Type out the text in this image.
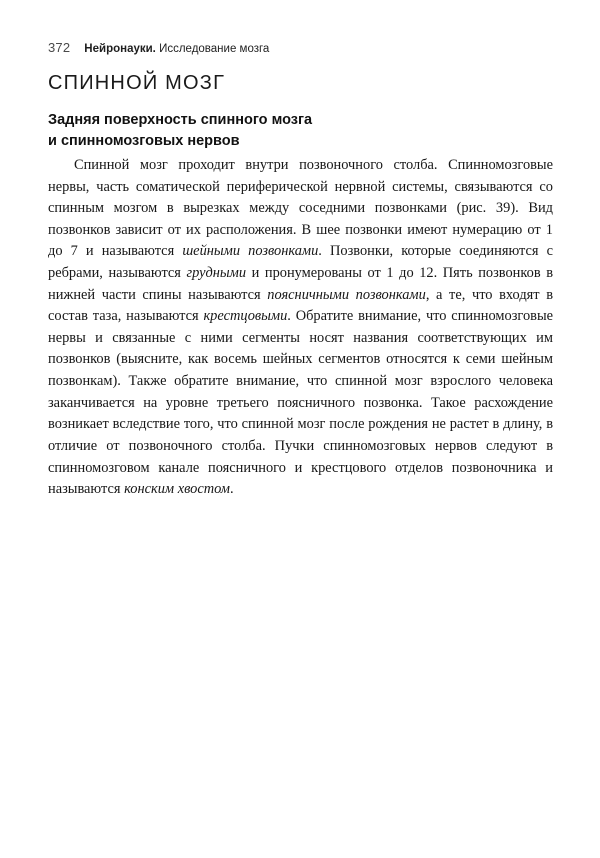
372 Нейронауки. Исследование мозга
СПИННОЙ МОЗГ
Задняя поверхность спинного мозга
и спинномозговых нервов

Спинной мозг проходит внутри позвоночного столба. Спинномозговые нервы, часть соматической периферической нервной системы, связываются со спинным мозгом в вырезках между соседними позвонками (рис. 39). Вид позвонков зависит от их расположения. В шее позвонки имеют нумерацию от 1 до 7 и называются шейными позвонками. Позвонки, которые соединяются с ребрами, называются грудными и пронумерованы от 1 до 12. Пять позвонков в нижней части спины называются поясничными позвонками, а те, что входят в состав таза, называются крестцовыми. Обратите внимание, что спинномозговые нервы и связанные с ними сегменты носят названия соответствующих им позвонков (выясните, как восемь шейных сегментов относятся к семи шейным позвонкам). Также обратите внимание, что спинной мозг взрослого человека заканчивается на уровне третьего поясничного позвонка. Такое расхождение возникает вследствие того, что спинной мозг после рождения не растет в длину, в отличие от позвоночного столба. Пучки спинномозговых нервов следуют в спинномозговом канале поясничного и крестцового отделов позвоночника и называются конским хвостом.
